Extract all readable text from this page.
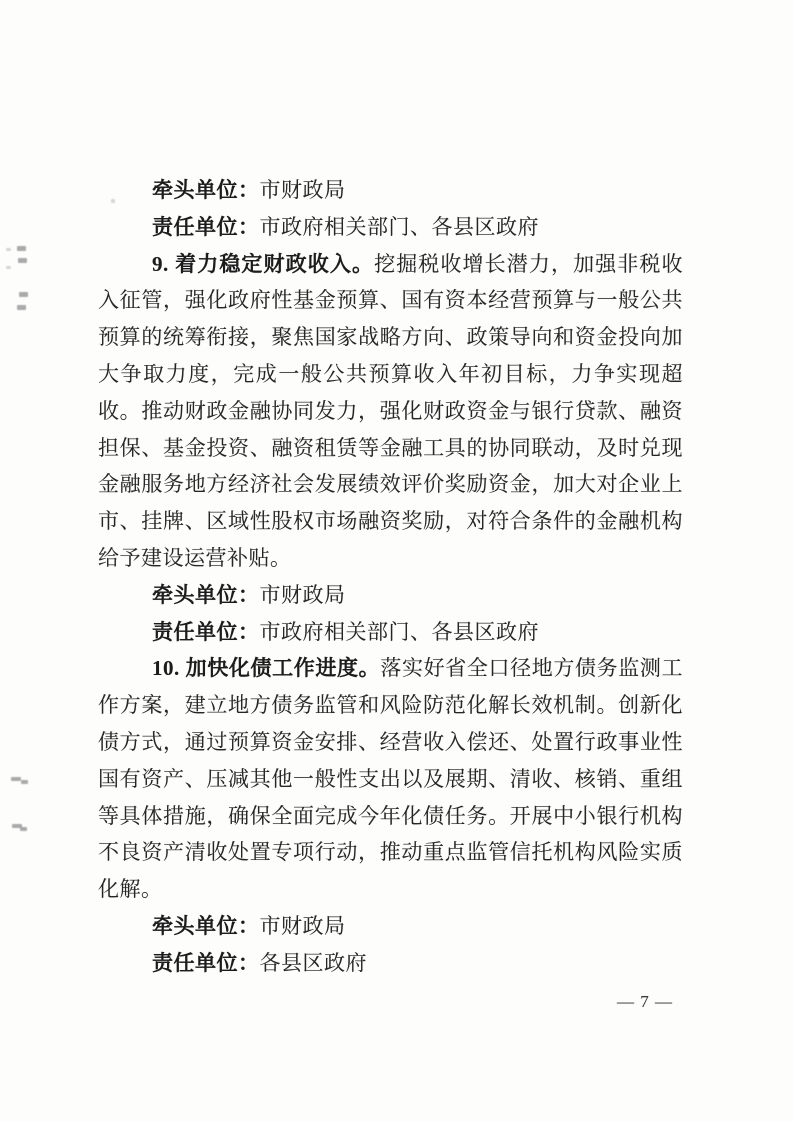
牵头单位：市财政局

责任单位：市政府相关部门、各县区政府

9. 着力稳定财政收入。挖掘税收增长潜力，加强非税收入征管，强化政府性基金预算、国有资本经营预算与一般公共预算的统筹衔接，聚焦国家战略方向、政策导向和资金投向加大争取力度，完成一般公共预算收入年初目标，力争实现超收。推动财政金融协同发力，强化财政资金与银行贷款、融资担保、基金投资、融资租赁等金融工具的协同联动，及时兑现金融服务地方经济社会发展绩效评价奖励资金，加大对企业上市、挂牌、区域性股权市场融资奖励，对符合条件的金融机构给予建设运营补贴。

牵头单位：市财政局

责任单位：市政府相关部门、各县区政府

10. 加快化债工作进度。落实好省全口径地方债务监测工作方案，建立地方债务监管和风险防范化解长效机制。创新化债方式，通过预算资金安排、经营收入偿还、处置行政事业性国有资产、压减其他一般性支出以及展期、清收、核销、重组等具体措施，确保全面完成今年化债任务。开展中小银行机构不良资产清收处置专项行动，推动重点监管信托机构风险实质化解。

牵头单位：市财政局

责任单位：各县区政府

— 7 —
